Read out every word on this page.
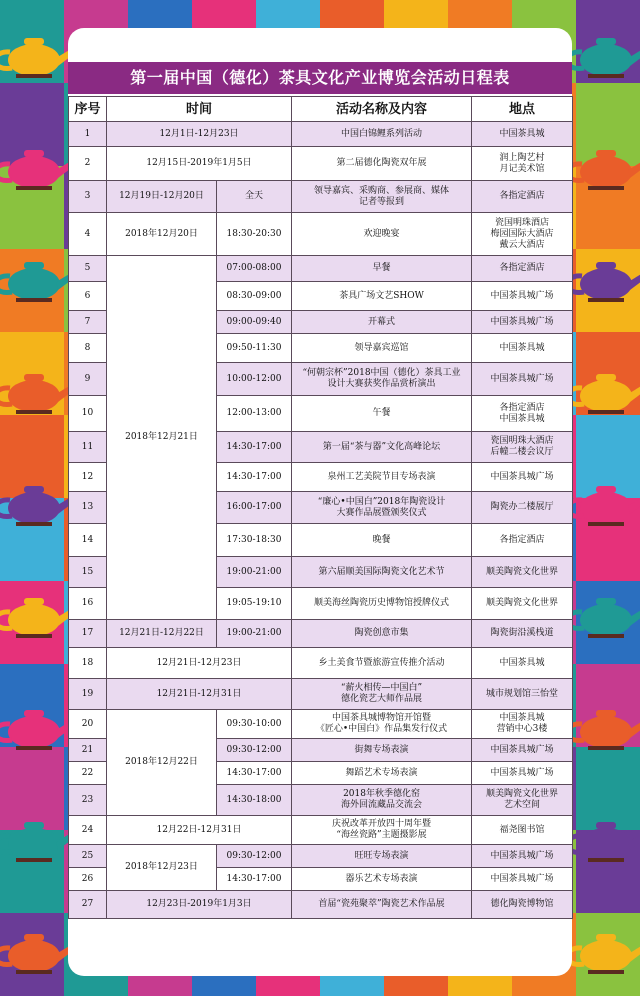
第一届中国（德化）茶具文化产业博览会活动日程表
序号	时间		活动名称及内容	地点
1	12月1日-12月23日		中国白锦鲤系列活动	中国茶具城
2	12月15日-2019年1月5日		第二届德化陶瓷双年展	润上陶艺村
月记美术馆
3	12月19日-12月20日	全天	领导嘉宾、采购商、参展商、媒体
记者等报到	各指定酒店
4	2018年12月20日	18:30-20:30	欢迎晚宴	瓷国明珠酒店
梅园国际大酒店
戴云大酒店
5	2018年12月21日	07:00-08:00	早餐	各指定酒店
6		08:30-09:00	茶具广场文艺SHOW	中国茶具城广场
7		09:00-09:40	开幕式	中国茶具城广场
8		09:50-11:30	领导嘉宾巡馆	中国茶具城
9		10:00-12:00	“何朝宗杯”2018中国（德化）茶具工业
设计大赛获奖作品赏析演出	中国茶具城广场
10		12:00-13:00	午餐	各指定酒店
中国茶具城
11		14:30-17:00	第一届“茶与器”文化高峰论坛	瓷国明珠大酒店
后幢二楼会议厅
12		14:30-17:00	泉州工艺美院节目专场表演	中国茶具城广场
13		16:00-17:00	“廉心•中国白”2018年陶瓷设计
大赛作品展暨颁奖仪式	陶瓷办二楼展厅
14		17:30-18:30	晚餐	各指定酒店
15		19:00-21:00	第六届顺美国际陶瓷文化艺术节	顺美陶瓷文化世界
16		19:05-19:10	顺美海丝陶瓷历史博物馆授牌仪式	顺美陶瓷文化世界
17	12月21日-12月22日	19:00-21:00	陶瓷创意市集	陶瓷街沿溪栈道
18	12月21日-12月23日		乡土美食节暨旅游宣传推介活动	中国茶具城
19	12月21日-12月31日		“薪火相传—中国白”
德化瓷艺大师作品展	城市规划馆三怡堂
20	2018年12月22日	09:30-10:00	中国茶具城博物馆开馆暨
《匠心•中国白》作品集发行仪式	中国茶具城
营销中心3楼
21		09:30-12:00	街舞专场表演	中国茶具城广场
22		14:30-17:00	舞蹈艺术专场表演	中国茶具城广场
23		14:30-18:00	2018年秋季德化窑
海外回流藏品交流会	顺美陶瓷文化世界
艺术空间
24	12月22日-12月31日		庆祝改革开放四十周年暨
“海丝瓷路”主题摄影展	福尧图书馆
25	2018年12月23日	09:30-12:00	旺旺专场表演	中国茶具城广场
26		14:30-17:00	器乐艺术专场表演	中国茶具城广场
27	12月23日-2019年1月3日		首届“瓷苑聚萃”陶瓷艺术作品展	德化陶瓷博物馆
